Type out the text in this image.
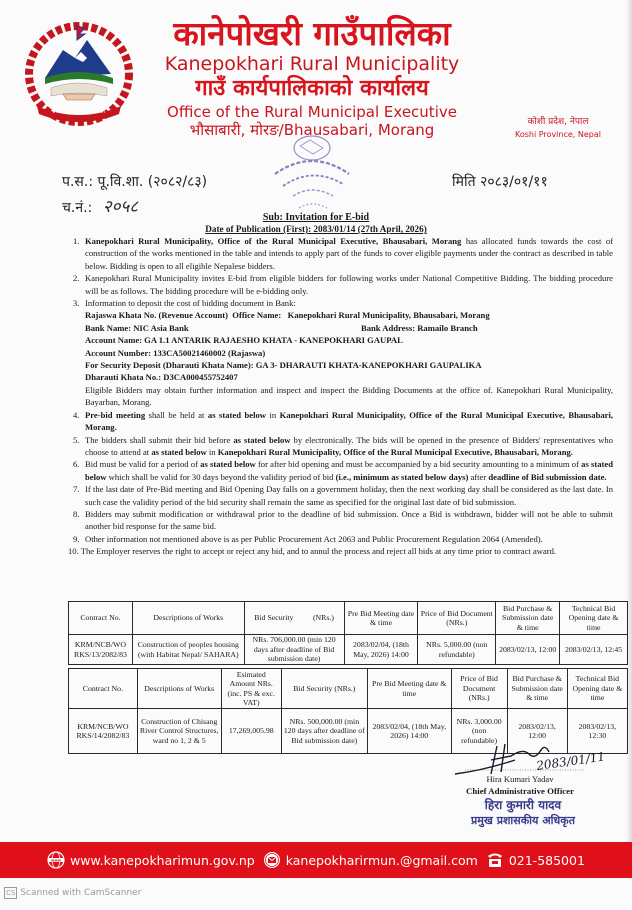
कानेपोखरी गाउँपालिका
Kanepokhari Rural Municipality
गाउँ कार्यपालिकाको कार्यालय
Office of the Rural Municipal Executive
भौसाबारी, मोरङ/Bhausabari, Morang	कोशी प्रदेश, नेपाल
Koshi Province, Nepal
प.स.: पू.वि.शा. (२०८२/८३)
च.नं.: २०५८
मिति २०८३/०१/११
Sub: Invitation for E-bid
Date of Publication (First): 2083/01/14 (27th April, 2026)
1. Kanepokhari Rural Municipality, Office of the Rural Municipal Executive, Bhausabari, Morang has allocated funds towards the cost of construction of the works mentioned in the table and intends to apply part of the funds to cover eligible payments under the contract as described in table below. Bidding is open to all eligible Nepalese bidders.
2. Kanepokhari Rural Municipality invites E-bid from eligible bidders for following works under National Competitive Bidding. The bidding procedure will be as follows. The bidding procedure will be e-bidding only.
3. Information to deposit the cost of bidding document in Bank:
Rajaswa Khata No. (Revenue Account)  Office Name:   Kanepokhari Rural Municipality, Bhausabari, Morang
Bank Name: NIC Asia Bank	Bank Address: Ramailo Branch
Account Name: GA 1.1 ANTARIK RAJAESHO KHATA - KANEPOKHARI GAUPAL
Account Number: 133CA50021460002 (Rajaswa)
For Security Deposit (Dharauti Khata Name): GA 3- DHARAUTI KHATA-KANEPOKHARI GAUPALIKA
Dharauti Khata No.: D3CA000455752407
Eligible Bidders may obtain further information and inspect and inspect the Bidding Documents at the office of. Kanepokhari Rural Municipality, Bayarban, Morang.
4. Pre-bid meeting shall be held at as stated below in Kanepokhari Rural Municipality, Office of the Rural Municipal Executive, Bhausabari, Morang.
5. The bidders shall submit their bid before as stated below by electronically. The bids will be opened in the presence of Bidders' representatives who choose to attend at as stated below in Kanepokhari Rural Municipality, Office of the Rural Municipal Executive, Bhausabari, Morang.
6. Bid must be valid for a period of as stated below for after bid opening and must be accompanied by a bid security amounting to a minimum of as stated below which shall be valid for 30 days beyond the validity period of bid (i.e., minimum as stated below days) after deadline of Bid submission date.
7. If the last date of Pre-Bid meeting and Bid Opening Day falls on a government holiday, then the next working day shall be considered as the last date. In such case the validity period of the bid security shall remain the same as specified for the original last date of bid submission.
8. Bidders may submit modification or withdrawal prior to the deadline of bid submission. Once a Bid is withdrawn, bidder will not be able to submit another bid response for the same bid.
9. Other information not mentioned above is as per Public Procurement Act 2063 and Public Procurement Regulation 2064 (Amended).
10. The Employer reserves the right to accept or reject any bid, and to annul the process and reject all bids at any time prior to contract award.
Contract No.	Descriptions of Works	Bid Security          (NRs.)	Pre Bid Meeting date & time	Price of Bid Document (NRs.)	Bid Purchase & Submission date & time	Technical Bid Opening date & time
KRM/NCB/WO RKS/13/2082/83	Construction of peoples housing (with Habitat Nepal/ SAHARA)	NRs. 706,000.00 (min 120 days after deadline of Bid submission date)	2083/02/04, (18th May, 2026) 14:00	NRs. 5,000.00 (non refundable)	2083/02/13, 12:00	2083/02/13, 12:45
Contract No.	Descriptions of Works	Esimated Amount NRs. (inc. PS & exc. VAT)	Bid Security (NRs.)	Pre Bid Meeting date & time	Price of Bid Document (NRs.)	Bid Purchase & Submission date & time	Technical Bid Opening date & time
KRM/NCB/WO RKS/14/2082/83	Construction of Chisang River Control Structures, ward no 1, 2 & 5	17,269,005.98	NRs. 500,000.00 (min 120 days after deadline of Bid submission date)	2083/02/04, (18th May, 2026) 14:00	NRs. 3,000.00 (non refundable)	2083/02/13, 12:00	2083/02/13, 12:30
2083/01/11
Hira Kumari Yadav
Chief Administrative Officer
हिरा कुमारी यादव
प्रमुख प्रशासकीय अधिकृत
www www.kanepokharimun.gov.np kanepokharirmun.@gmail.com 021-585001
CS Scanned with CamScanner
